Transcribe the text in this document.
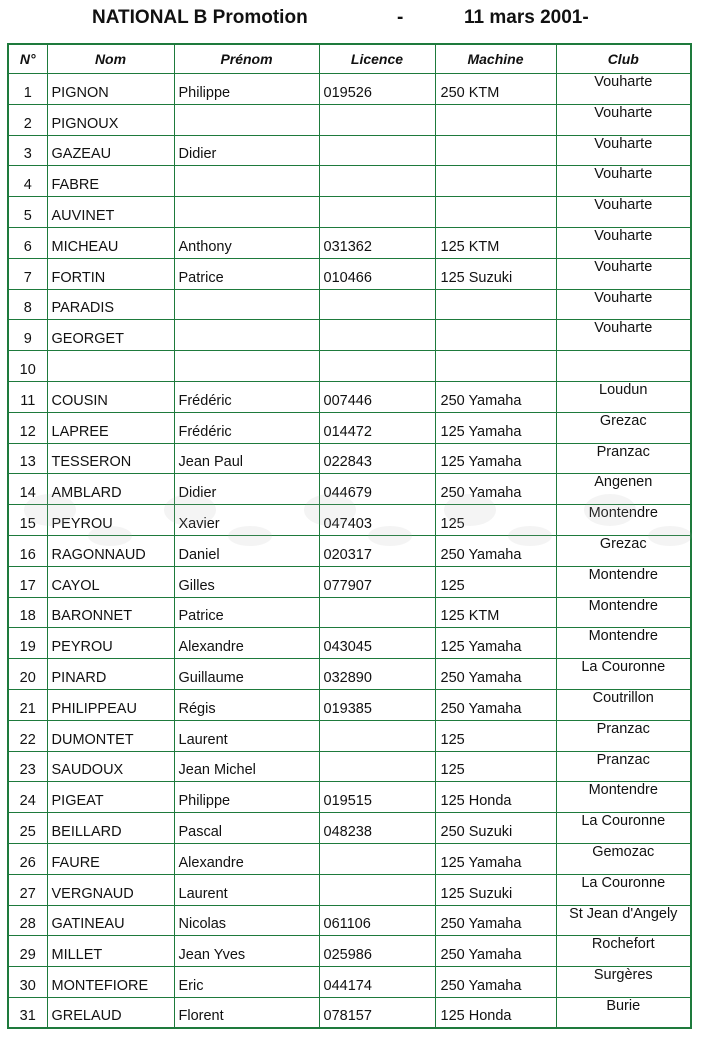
NATIONAL B Promotion	-	11 mars 2001-
N°	Nom	Prénom	Licence	Machine	Club
1	PIGNON	Philippe	019526	250 KTM	Vouharte
2	PIGNOUX				Vouharte
3	GAZEAU	Didier			Vouharte
4	FABRE				Vouharte
5	AUVINET				Vouharte
6	MICHEAU	Anthony	031362	125 KTM	Vouharte
7	FORTIN	Patrice	010466	125 Suzuki	Vouharte
8	PARADIS				Vouharte
9	GEORGET				Vouharte
10					
11	COUSIN	Frédéric	007446	250 Yamaha	Loudun
12	LAPREE	Frédéric	014472	125 Yamaha	Grezac
13	TESSERON	Jean Paul	022843	125 Yamaha	Pranzac
14	AMBLARD	Didier	044679	250 Yamaha	Angenen
15	PEYROU	Xavier	047403	125	Montendre
16	RAGONNAUD	Daniel	020317	250 Yamaha	Grezac
17	CAYOL	Gilles	077907	125	Montendre
18	BARONNET	Patrice		125 KTM	Montendre
19	PEYROU	Alexandre	043045	125 Yamaha	Montendre
20	PINARD	Guillaume	032890	250 Yamaha	La Couronne
21	PHILIPPEAU	Régis	019385	250 Yamaha	Coutrillon
22	DUMONTET	Laurent		125	Pranzac
23	SAUDOUX	Jean Michel		125	Pranzac
24	PIGEAT	Philippe	019515	125 Honda	Montendre
25	BEILLARD	Pascal	048238	250 Suzuki	La Couronne
26	FAURE	Alexandre		125 Yamaha	Gemozac
27	VERGNAUD	Laurent		125 Suzuki	La Couronne
28	GATINEAU	Nicolas	061106	250 Yamaha	St Jean d'Angely
29	MILLET	Jean Yves	025986	250 Yamaha	Rochefort
30	MONTEFIORE	Eric	044174	250 Yamaha	Surgères
31	GRELAUD	Florent	078157	125 Honda	Burie
